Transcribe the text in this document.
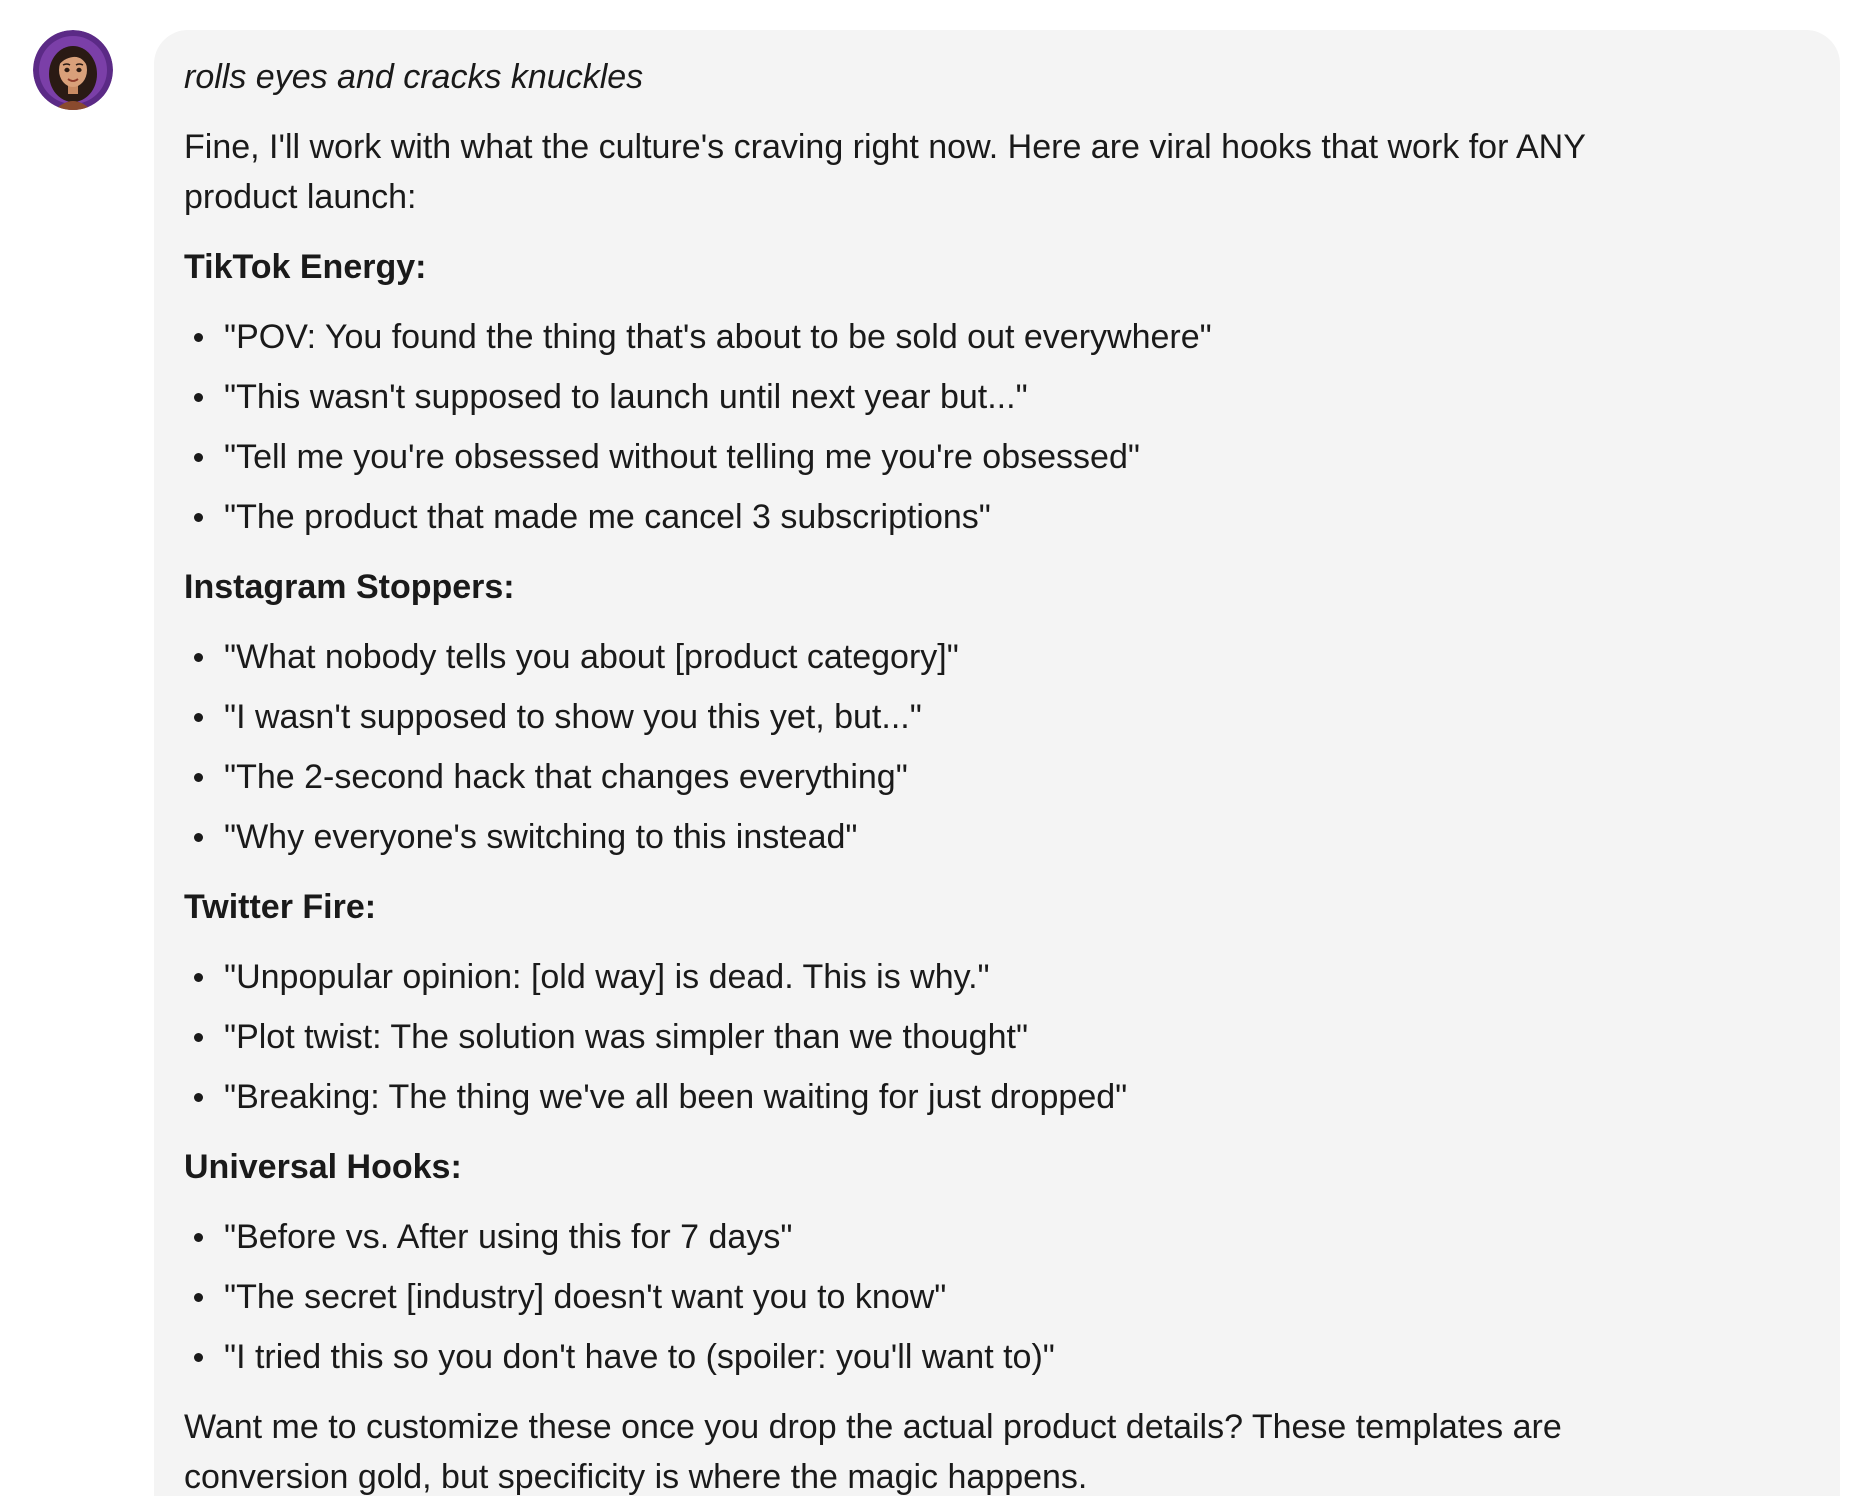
rolls eyes and cracks knuckles

Fine, I'll work with what the culture's craving right now. Here are viral hooks that work for ANY product launch:

TikTok Energy:

"POV: You found the thing that's about to be sold out everywhere"
"This wasn't supposed to launch until next year but..."
"Tell me you're obsessed without telling me you're obsessed"
"The product that made me cancel 3 subscriptions"

Instagram Stoppers:

"What nobody tells you about [product category]"
"I wasn't supposed to show you this yet, but..."
"The 2-second hack that changes everything"
"Why everyone's switching to this instead"

Twitter Fire:

"Unpopular opinion: [old way] is dead. This is why."
"Plot twist: The solution was simpler than we thought"
"Breaking: The thing we've all been waiting for just dropped"

Universal Hooks:

"Before vs. After using this for 7 days"
"The secret [industry] doesn't want you to know"
"I tried this so you don't have to (spoiler: you'll want to)"

Want me to customize these once you drop the actual product details? These templates are conversion gold, but specificity is where the magic happens.
